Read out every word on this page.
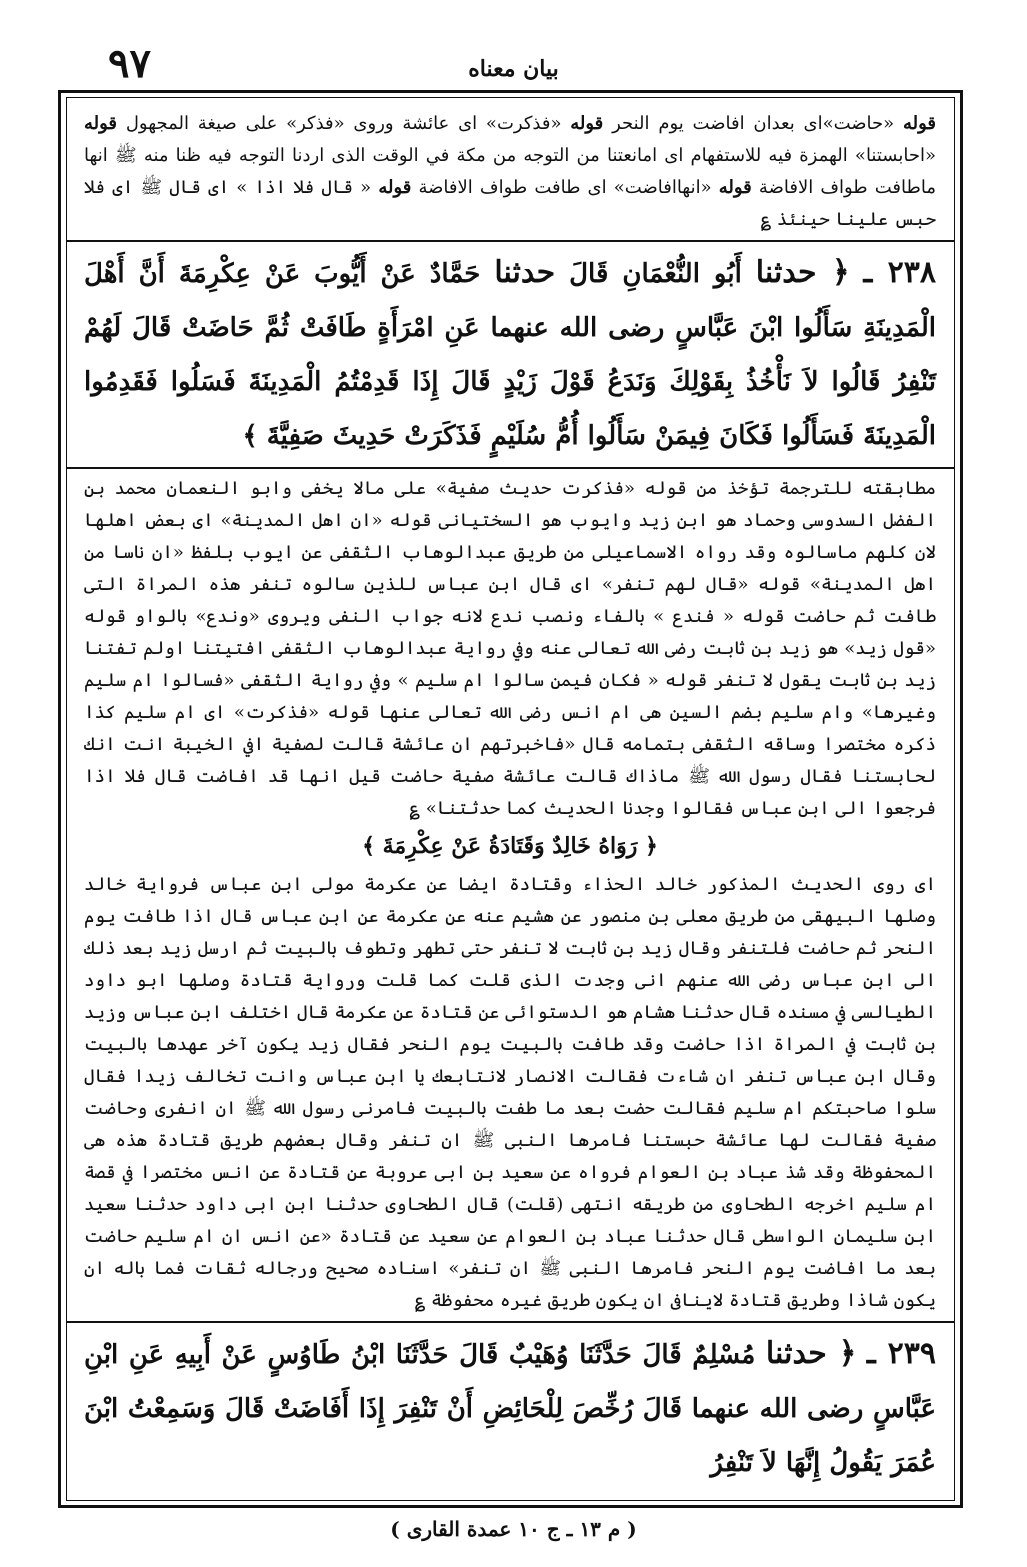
٩٧	بيان معناه

قوله «حاضت»اى بعدان افاضت يوم النحر قوله «فذكرت» اى عائشة وروى «فذكر» على صيغة المجهول قوله «احابستنا» الهمزة فيه للاستفهام اى امانعتنا من التوجه من مكة في الوقت الذى اردنا التوجه فيه ظنا منه ﷺ انها ماطافت طواف الافاضة قوله «انهاافاضت» اى طافت طواف الافاضة قوله « قال فلا اذا » اى قال ﷺ اى فلا حبس علينا حينئذ ؏

٢٣٨ ـ ﴿ حدثنا أَبُو النُّعْمَانِ قَالَ حدثنا حَمَّادٌ عَنْ أَيُّوبَ عَنْ عِكْرِمَةَ أَنَّ أَهْلَ الْمَدِينَةِ سَأَلُوا ابْنَ عَبَّاسٍ رضى الله عنهما عَنِ امْرَأَةٍ طَافَتْ ثُمَّ حَاضَتْ قَالَ لَهُمْ تَنْفِرُ قَالُوا لاَ نَأْخُذُ بِقَوْلِكَ وَنَدَعُ قَوْلَ زَيْدٍ قَالَ إِذَا قَدِمْتُمُ الْمَدِينَةَ فَسَلُوا فَقَدِمُوا الْمَدِينَةَ فَسَأَلُوا فَكَانَ فِيمَنْ سَأَلُوا أُمُّ سُلَيْمٍ فَذَكَرَتْ حَدِيثَ صَفِيَّةَ ﴾

مطابقته للترجمة تؤخذ من قوله «فذكرت حديث صفية» على مالا يخفى وابو النعمان محمد بن الفضل السدوسى وحماد هو ابن زيد وايوب هو السختيانى قوله «ان اهل المدينة» اى بعض اهلها لان كلهم ماسالوه وقد رواه الاسماعيلى من طريق عبدالوهاب الثقفى عن ايوب بلفظ «ان ناسا من اهل المدينة» قوله «قال لهم تنفر» اى قال ابن عباس للذين سالوه تنفر هذه المراة التى طافت ثم حاضت قوله « فندع » بالفاء ونصب ندع لانه جواب النفى ويروى «وندع» بالواو قوله «قول زيد» هو زيد بن ثابت رضى الله تعالى عنه وفي رواية عبدالوهاب الثقفى افتيتنا اولم تفتنا زيد بن ثابت يقول لا تنفر قوله « فكان فيمن سالوا ام سليم » وفي رواية الثقفى «فسالوا ام سليم وغيرها» وام سليم بضم السين هى ام انس رضى الله تعالى عنها قوله «فذكرت» اى ام سليم كذا ذكره مختصرا وساقه الثقفى بتمامه قال «فاخبرتهم ان عائشة قالت لصفية افي الخيبة انت انك لحابستنا فقال رسول الله ﷺ ماذاك قالت عائشة صفية حاضت قيل انها قد افاضت قال فلا اذا فرجعوا الى ابن عباس فقالوا وجدنا الحديث كما حدثتنا» ؏

﴿ رَوَاهُ خَالِدٌ وَقَتَادَةُ عَنْ عِكْرِمَةَ ﴾

اى روى الحديث المذكور خالد الحذاء وقتادة ايضا عن عكرمة مولى ابن عباس فرواية خالد وصلها البيهقى من طريق معلى بن منصور عن هشيم عنه عن عكرمة عن ابن عباس قال اذا طافت يوم النحر ثم حاضت فلتنفر وقال زيد بن ثابت لا تنفر حتى تطهر وتطوف بالبيت ثم ارسل زيد بعد ذلك الى ابن عباس رضى الله عنهم انى وجدت الذى قلت كما قلت ورواية قتادة وصلها ابو داود الطيالسى في مسنده قال حدثنا هشام هو الدستوائى عن قتادة عن عكرمة قال اختلف ابن عباس وزيد بن ثابت في المراة اذا حاضت وقد طافت بالبيت يوم النحر فقال زيد يكون آخر عهدها بالبيت وقال ابن عباس تنفر ان شاءت فقالت الانصار لانتابعك يا ابن عباس وانت تخالف زيدا فقال سلوا صاحبتكم ام سليم فقالت حضت بعد ما طفت بالبيت فامرنى رسول الله ﷺ ان انفرى وحاضت صفية فقالت لها عائشة حبستنا فامرها النبى ﷺ ان تنفر وقال بعضهم طريق قتادة هذه هى المحفوظة وقد شذ عباد بن العوام فرواه عن سعيد بن ابى عروبة عن قتادة عن انس مختصرا في قصة ام سليم اخرجه الطحاوى من طريقه انتهى (قلت) قال الطحاوى حدثنا ابن ابى داود حدثنا سعيد ابن سليمان الواسطى قال حدثنا عباد بن العوام عن سعيد عن قتادة «عن انس ان ام سليم حاضت بعد ما افاضت يوم النحر فامرها النبى ﷺ ان تنفر» اسناده صحيح ورجاله ثقات فما باله ان يكون شاذا وطريق قتادة لاينافى ان يكون طريق غيره محفوظة ؏

٢٣٩ ـ ﴿ حدثنا مُسْلِمٌ قَالَ حَدَّثَنَا وُهَيْبٌ قَالَ حَدَّثَنَا ابْنُ طَاوُسٍ عَنْ أَبِيهِ عَنِ ابْنِ عَبَّاسٍ رضى الله عنهما قَالَ رُخِّصَ لِلْحَائِضِ أَنْ تَنْفِرَ إِذَا أَفَاضَتْ قَالَ وَسَمِعْتُ ابْنَ عُمَرَ يَقُولُ إِنَّهَا لاَ تَنْفِرُ

( م ١٣ ـ ج ١٠ عمدة القارى )
